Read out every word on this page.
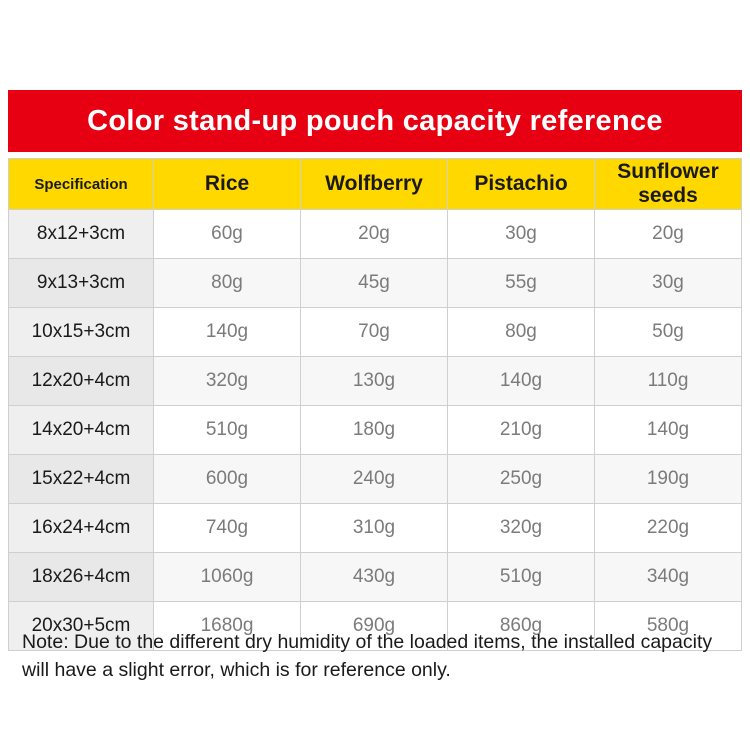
Color stand-up pouch capacity reference
Specification	Rice	Wolfberry	Pistachio	Sunflower seeds
8x12+3cm	60g	20g	30g	20g
9x13+3cm	80g	45g	55g	30g
10x15+3cm	140g	70g	80g	50g
12x20+4cm	320g	130g	140g	110g
14x20+4cm	510g	180g	210g	140g
15x22+4cm	600g	240g	250g	190g
16x24+4cm	740g	310g	320g	220g
18x26+4cm	1060g	430g	510g	340g
20x30+5cm	1680g	690g	860g	580g
Note: Due to the different dry humidity of the loaded items, the installed capacity will have a slight error, which is for reference only.
